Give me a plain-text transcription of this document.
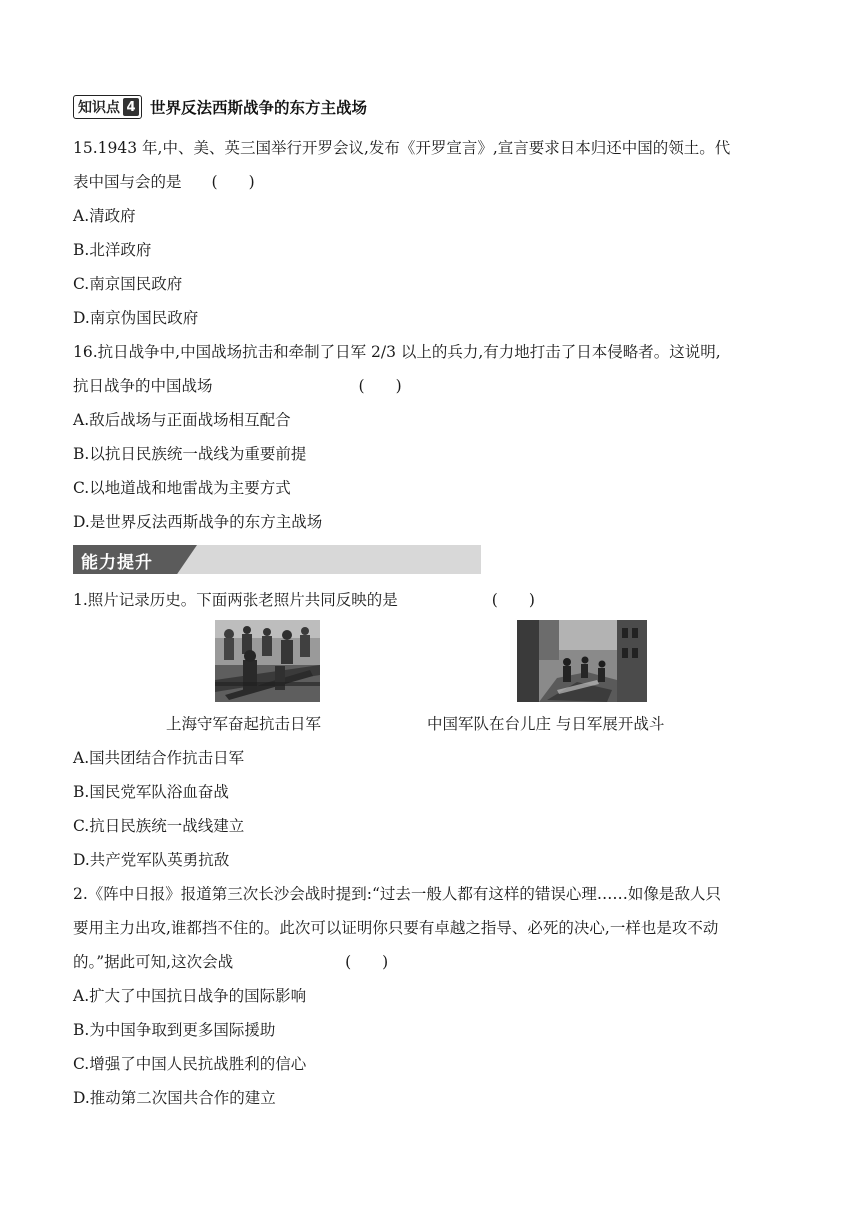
知识点 4 世界反法西斯战争的东方主战场
15.1943 年,中、美、英三国举行开罗会议,发布《开罗宣言》,宣言要求日本归还中国的领土。代
表中国与会的是 (　　)
A.清政府
B.北洋政府
C.南京国民政府
D.南京伪国民政府
16.抗日战争中,中国战场抗击和牵制了日军 2/3 以上的兵力,有力地打击了日本侵略者。这说明,
抗日战争的中国战场	(　　)
A.敌后战场与正面战场相互配合
B.以抗日民族统一战线为重要前提
C.以地道战和地雷战为主要方式
D.是世界反法西斯战争的东方主战场
能力提升
1.照片记录历史。下面两张老照片共同反映的是	(　　)
上海守军奋起抗击日军	中国军队在台儿庄 与日军展开战斗
A.国共团结合作抗击日军
B.国民党军队浴血奋战
C.抗日民族统一战线建立
D.共产党军队英勇抗敌
2.《阵中日报》报道第三次长沙会战时提到:“过去一般人都有这样的错误心理……如像是敌人只
要用主力出攻,谁都挡不住的。此次可以证明你只要有卓越之指导、必死的决心,一样也是攻不动
的。”据此可知,这次会战	(　　)
A.扩大了中国抗日战争的国际影响
B.为中国争取到更多国际援助
C.增强了中国人民抗战胜利的信心
D.推动第二次国共合作的建立
